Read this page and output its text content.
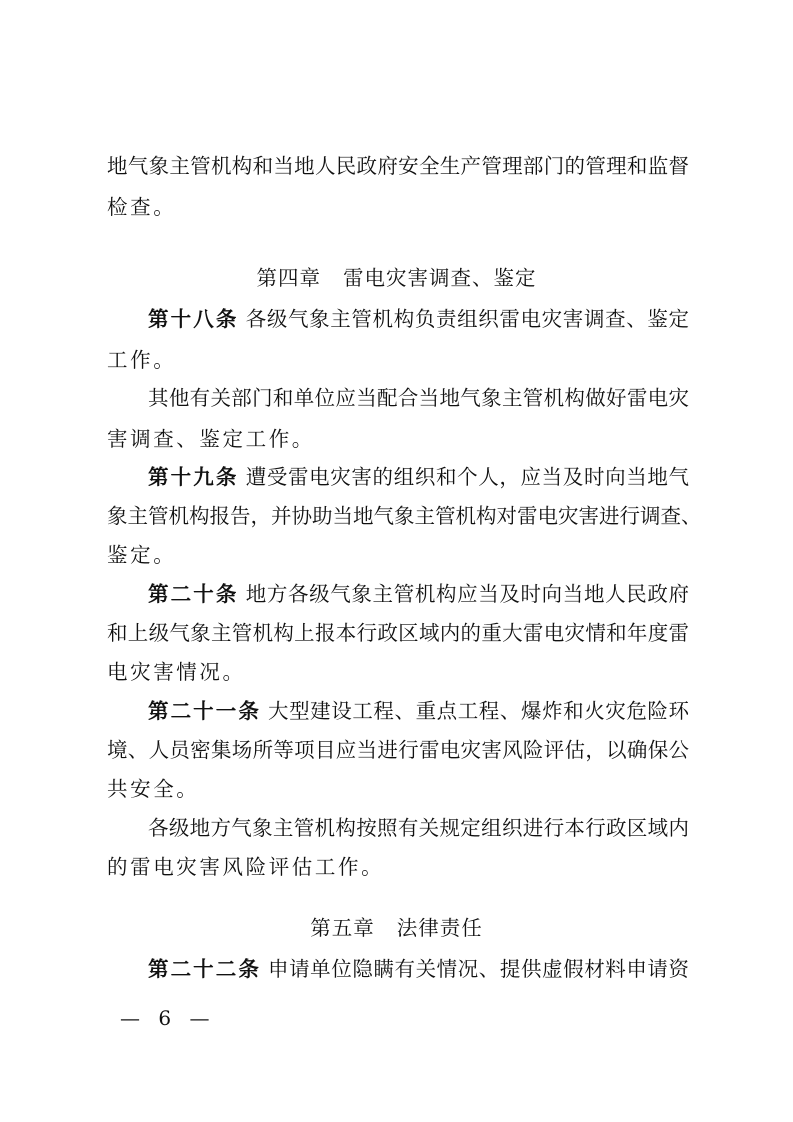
地气象主管机构和当地人民政府安全生产管理部门的管理和监督
检查。
第四章 雷电灾害调查、鉴定
第十八条 各级气象主管机构负责组织雷电灾害调查、鉴定
工作。
其他有关部门和单位应当配合当地气象主管机构做好雷电灾
害调查、鉴定工作。
第十九条 遭受雷电灾害的组织和个人，应当及时向当地气
象主管机构报告，并协助当地气象主管机构对雷电灾害进行调查、
鉴定。
第二十条 地方各级气象主管机构应当及时向当地人民政府
和上级气象主管机构上报本行政区域内的重大雷电灾情和年度雷
电灾害情况。
第二十一条 大型建设工程、重点工程、爆炸和火灾危险环
境、人员密集场所等项目应当进行雷电灾害风险评估，以确保公
共安全。
各级地方气象主管机构按照有关规定组织进行本行政区域内
的雷电灾害风险评估工作。
第五章 法律责任
第二十二条 申请单位隐瞒有关情况、提供虚假材料申请资
— 6 —
